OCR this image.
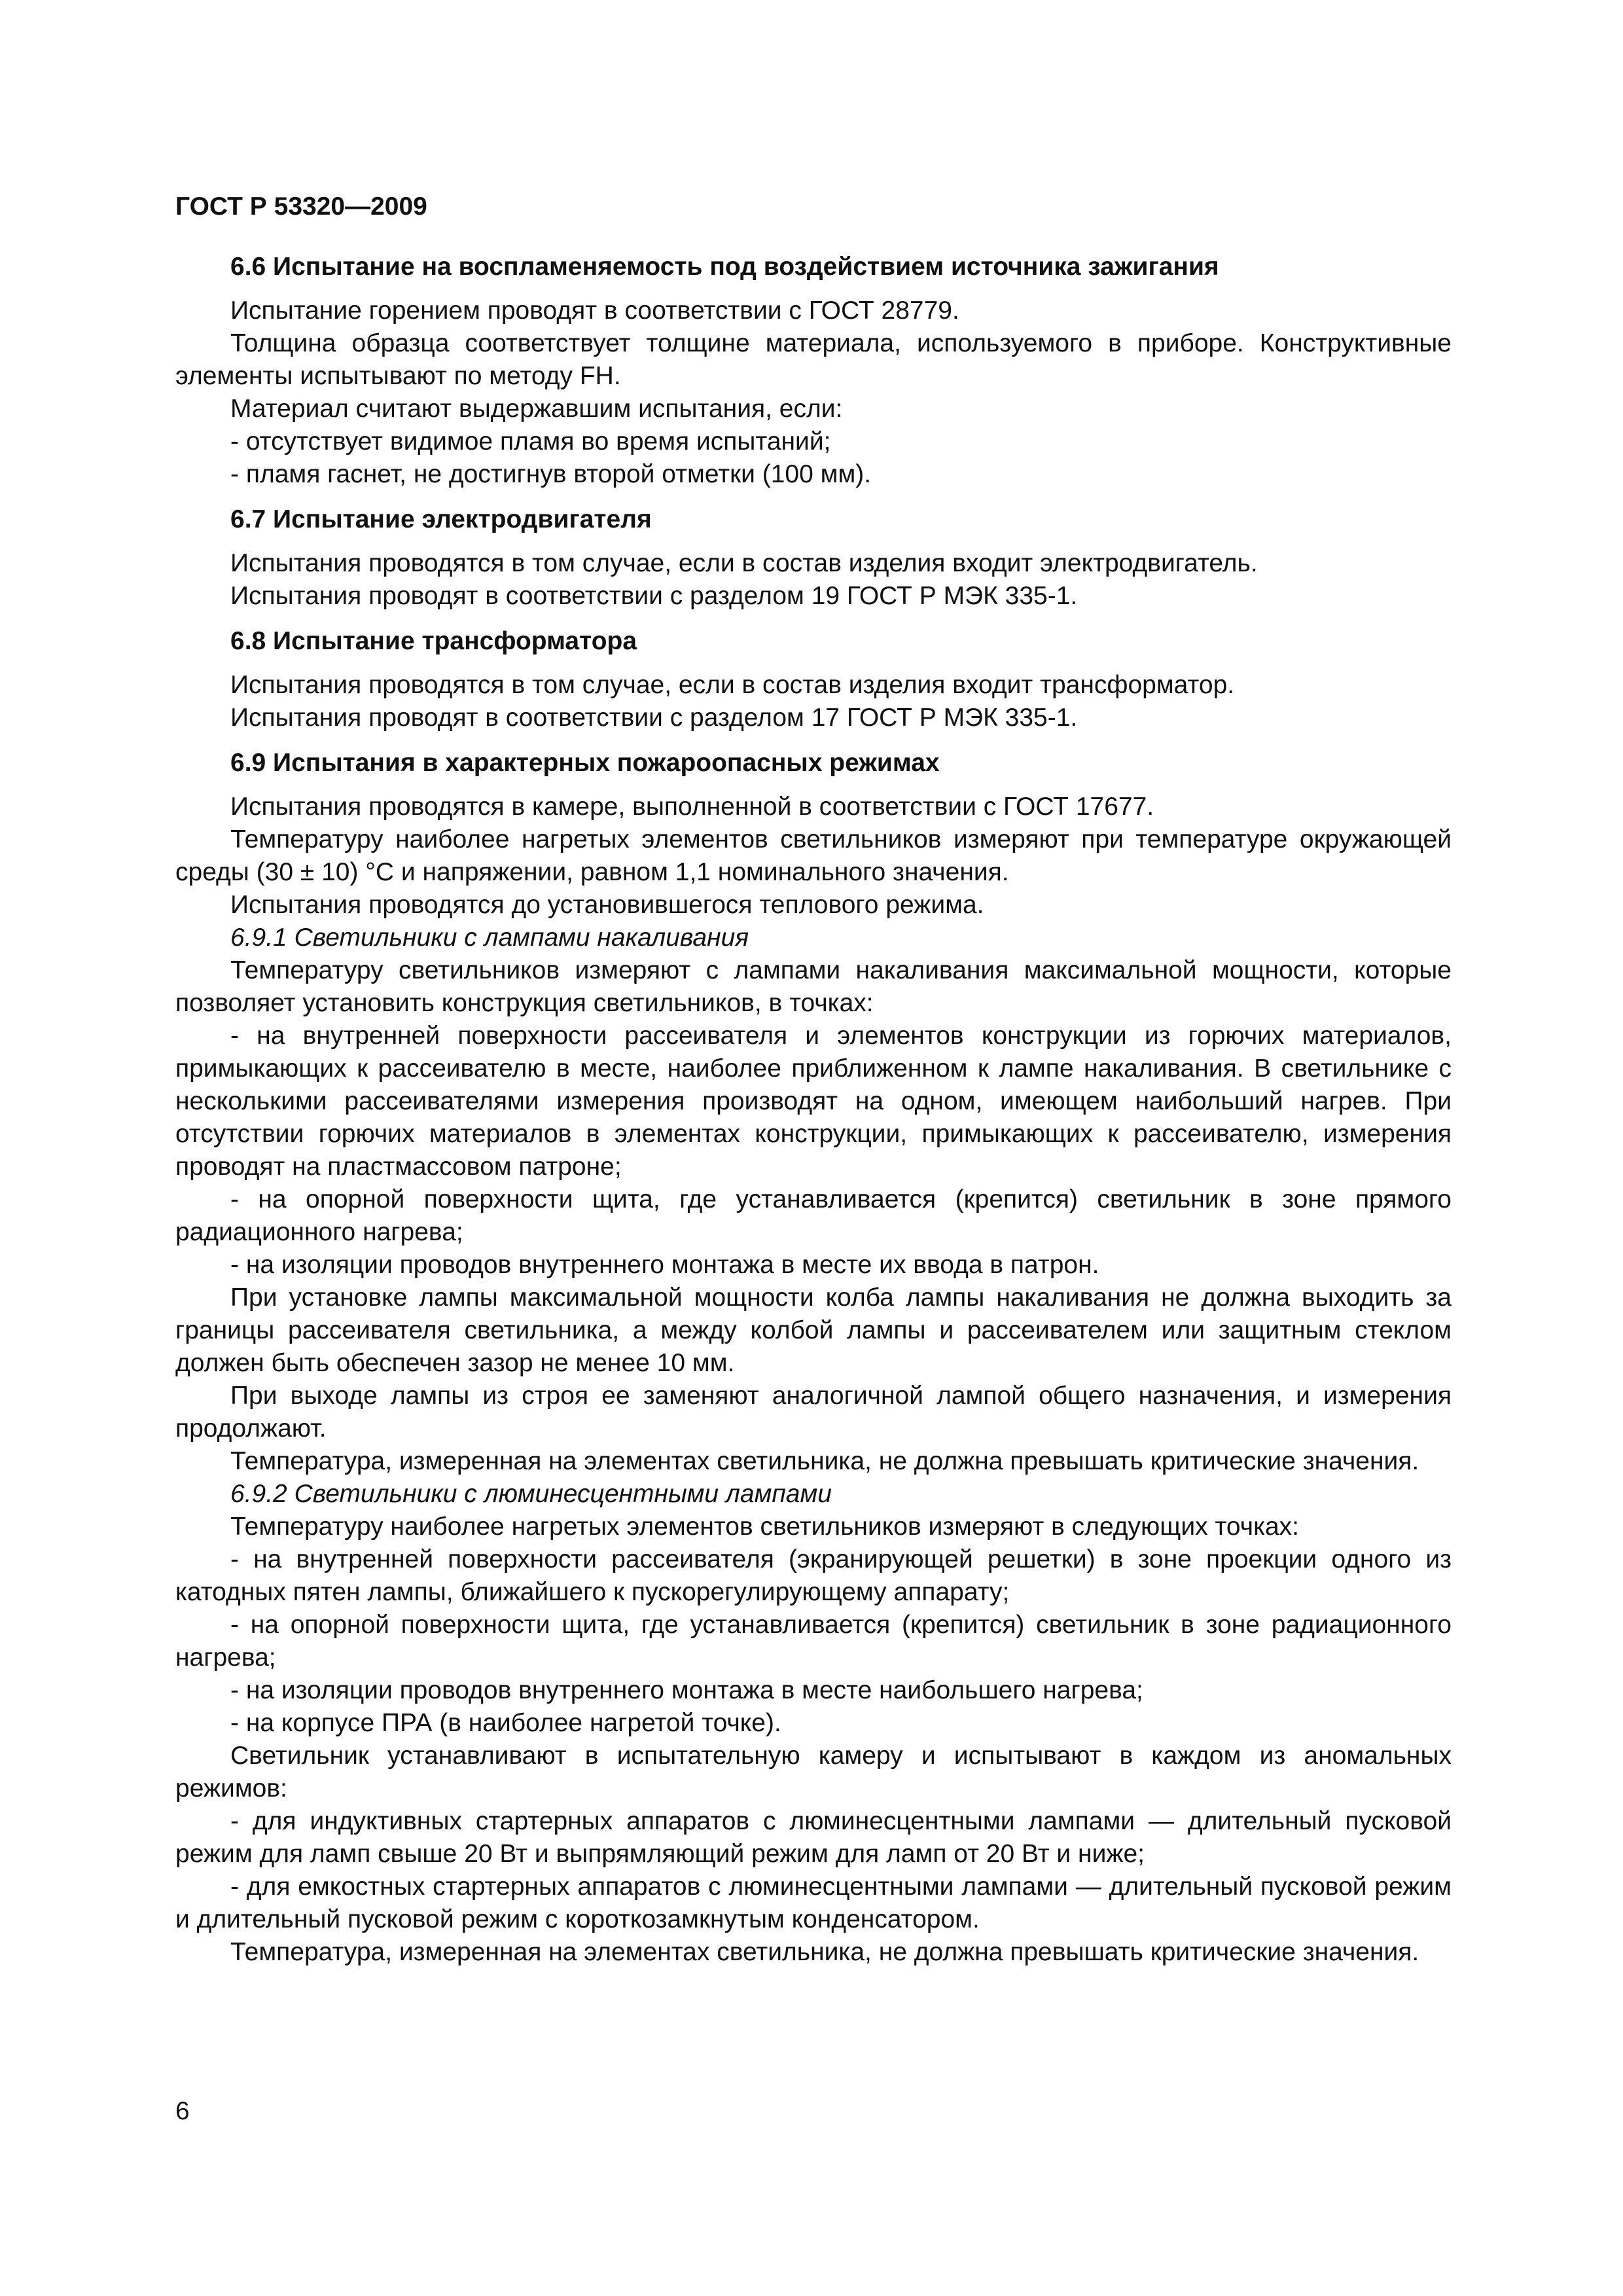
ГОСТ Р 53320—2009
6.6 Испытание на воспламеняемость под воздействием источника зажигания

Испытание горением проводят в соответствии с ГОСТ 28779.

Толщина образца соответствует толщине материала, используемого в приборе. Конструктивные элементы испытывают по методу FH.

Материал считают выдержавшим испытания, если:

- отсутствует видимое пламя во время испытаний;

- пламя гаснет, не достигнув второй отметки (100 мм).

6.7 Испытание электродвигателя

Испытания проводятся в том случае, если в состав изделия входит электродвигатель.

Испытания проводят в соответствии с разделом 19 ГОСТ Р МЭК 335-1.

6.8 Испытание трансформатора

Испытания проводятся в том случае, если в состав изделия входит трансформатор.

Испытания проводят в соответствии с разделом 17 ГОСТ Р МЭК 335-1.

6.9 Испытания в характерных пожароопасных режимах

Испытания проводятся в камере, выполненной в соответствии с ГОСТ 17677.

Температуру наиболее нагретых элементов светильников измеряют при температуре окружающей среды (30 ± 10) °С и напряжении, равном 1,1 номинального значения.

Испытания проводятся до установившегося теплового режима.

6.9.1 Светильники с лампами накаливания

Температуру светильников измеряют с лампами накаливания максимальной мощности, которые позволяет установить конструкция светильников, в точках:

- на внутренней поверхности рассеивателя и элементов конструкции из горючих материалов, примыкающих к рассеивателю в месте, наиболее приближенном к лампе накаливания. В светильнике с несколькими рассеивателями измерения производят на одном, имеющем наибольший нагрев. При отсутствии горючих материалов в элементах конструкции, примыкающих к рассеивателю, измерения проводят на пластмассовом патроне;

- на опорной поверхности щита, где устанавливается (крепится) светильник в зоне прямого радиационного нагрева;

- на изоляции проводов внутреннего монтажа в месте их ввода в патрон.

При установке лампы максимальной мощности колба лампы накаливания не должна выходить за границы рассеивателя светильника, а между колбой лампы и рассеивателем или защитным стеклом должен быть обеспечен зазор не менее 10 мм.

При выходе лампы из строя ее заменяют аналогичной лампой общего назначения, и измерения продолжают.

Температура, измеренная на элементах светильника, не должна превышать критические значения.

6.9.2 Светильники с люминесцентными лампами

Температуру наиболее нагретых элементов светильников измеряют в следующих точках:

- на внутренней поверхности рассеивателя (экранирующей решетки) в зоне проекции одного из катодных пятен лампы, ближайшего к пускорегулирующему аппарату;

- на опорной поверхности щита, где устанавливается (крепится) светильник в зоне радиационного нагрева;

- на изоляции проводов внутреннего монтажа в месте наибольшего нагрева;

- на корпусе ПРА (в наиболее нагретой точке).

Светильник устанавливают в испытательную камеру и испытывают в каждом из аномальных режимов:

- для индуктивных стартерных аппаратов с люминесцентными лампами — длительный пусковой режим для ламп свыше 20 Вт и выпрямляющий режим для ламп от 20 Вт и ниже;

- для емкостных стартерных аппаратов с люминесцентными лампами — длительный пусковой режим и длительный пусковой режим с короткозамкнутым конденсатором.

Температура, измеренная на элементах светильника, не должна превышать критические значения.

6
